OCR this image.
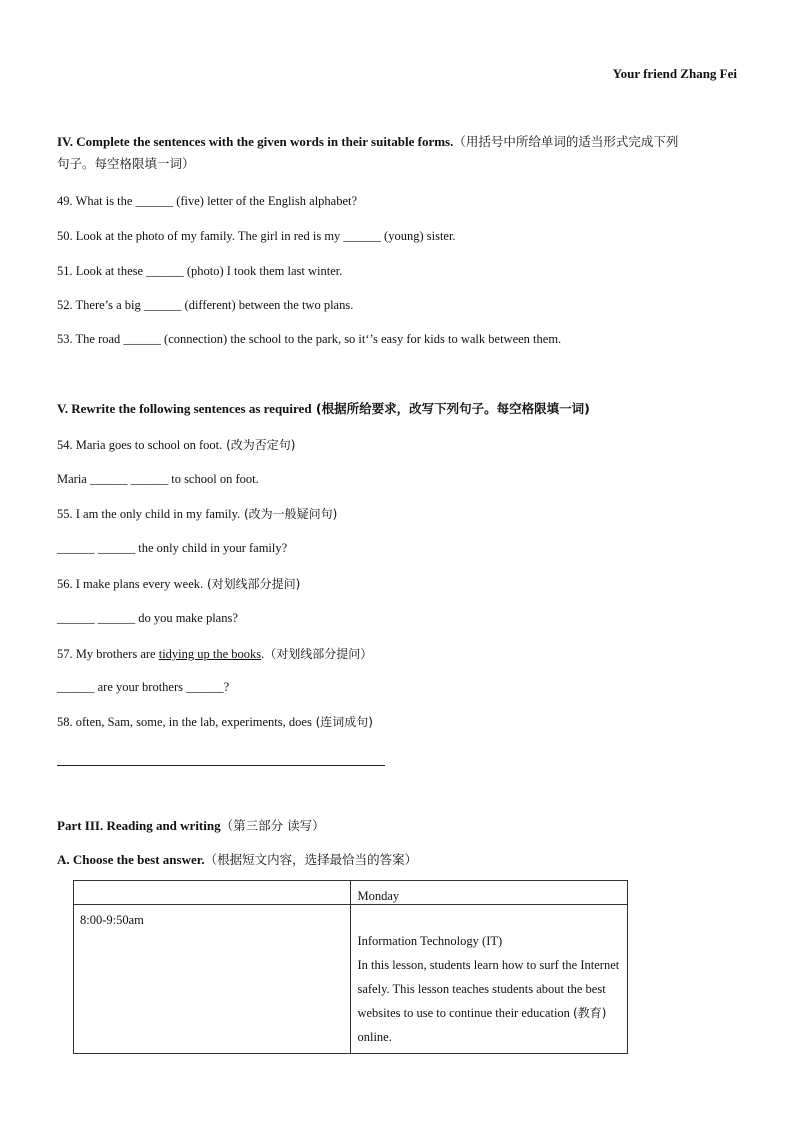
Your friend Zhang Fei
IV. Complete the sentences with the given words in their suitable forms.（用括号中所给单词的适当形式完成下列
句子。每空格限填一词）
49. What is the ______ (five) letter of the English alphabet?
50. Look at the photo of my family. The girl in red is my ______ (young) sister.
51. Look at these ______ (photo) I took them last winter.
52. There’s a big ______ (different) between the two plans.
53. The road ______ (connection) the school to the park, so it‘’s easy for kids to walk between them.
V. Rewrite the following sentences as required (根据所给要求，改写下列句子。每空格限填一词)
54. Maria goes to school on foot. (改为否定句)
Maria ______ ______ to school on foot.
55. I am the only child in my family. (改为一般疑问句)
______ ______ the only child in your family?
56. I make plans every week. (对划线部分提问)
______ ______ do you make plans?
57. My brothers are tidying up the books.（对划线部分提问）
______ are your brothers ______?
58. often, Sam, some, in the lab, experiments, does (连词成句)
Part III. Reading and writing（第三部分 读写）
A. Choose the best answer.（根据短文内容，选择最恰当的答案）

	Monday

8:00-9:50am	Information Technology (IT)
In this lesson, students learn how to surf the Internet safely. This lesson teaches students about the best websites to use to continue their education (教育) online.
